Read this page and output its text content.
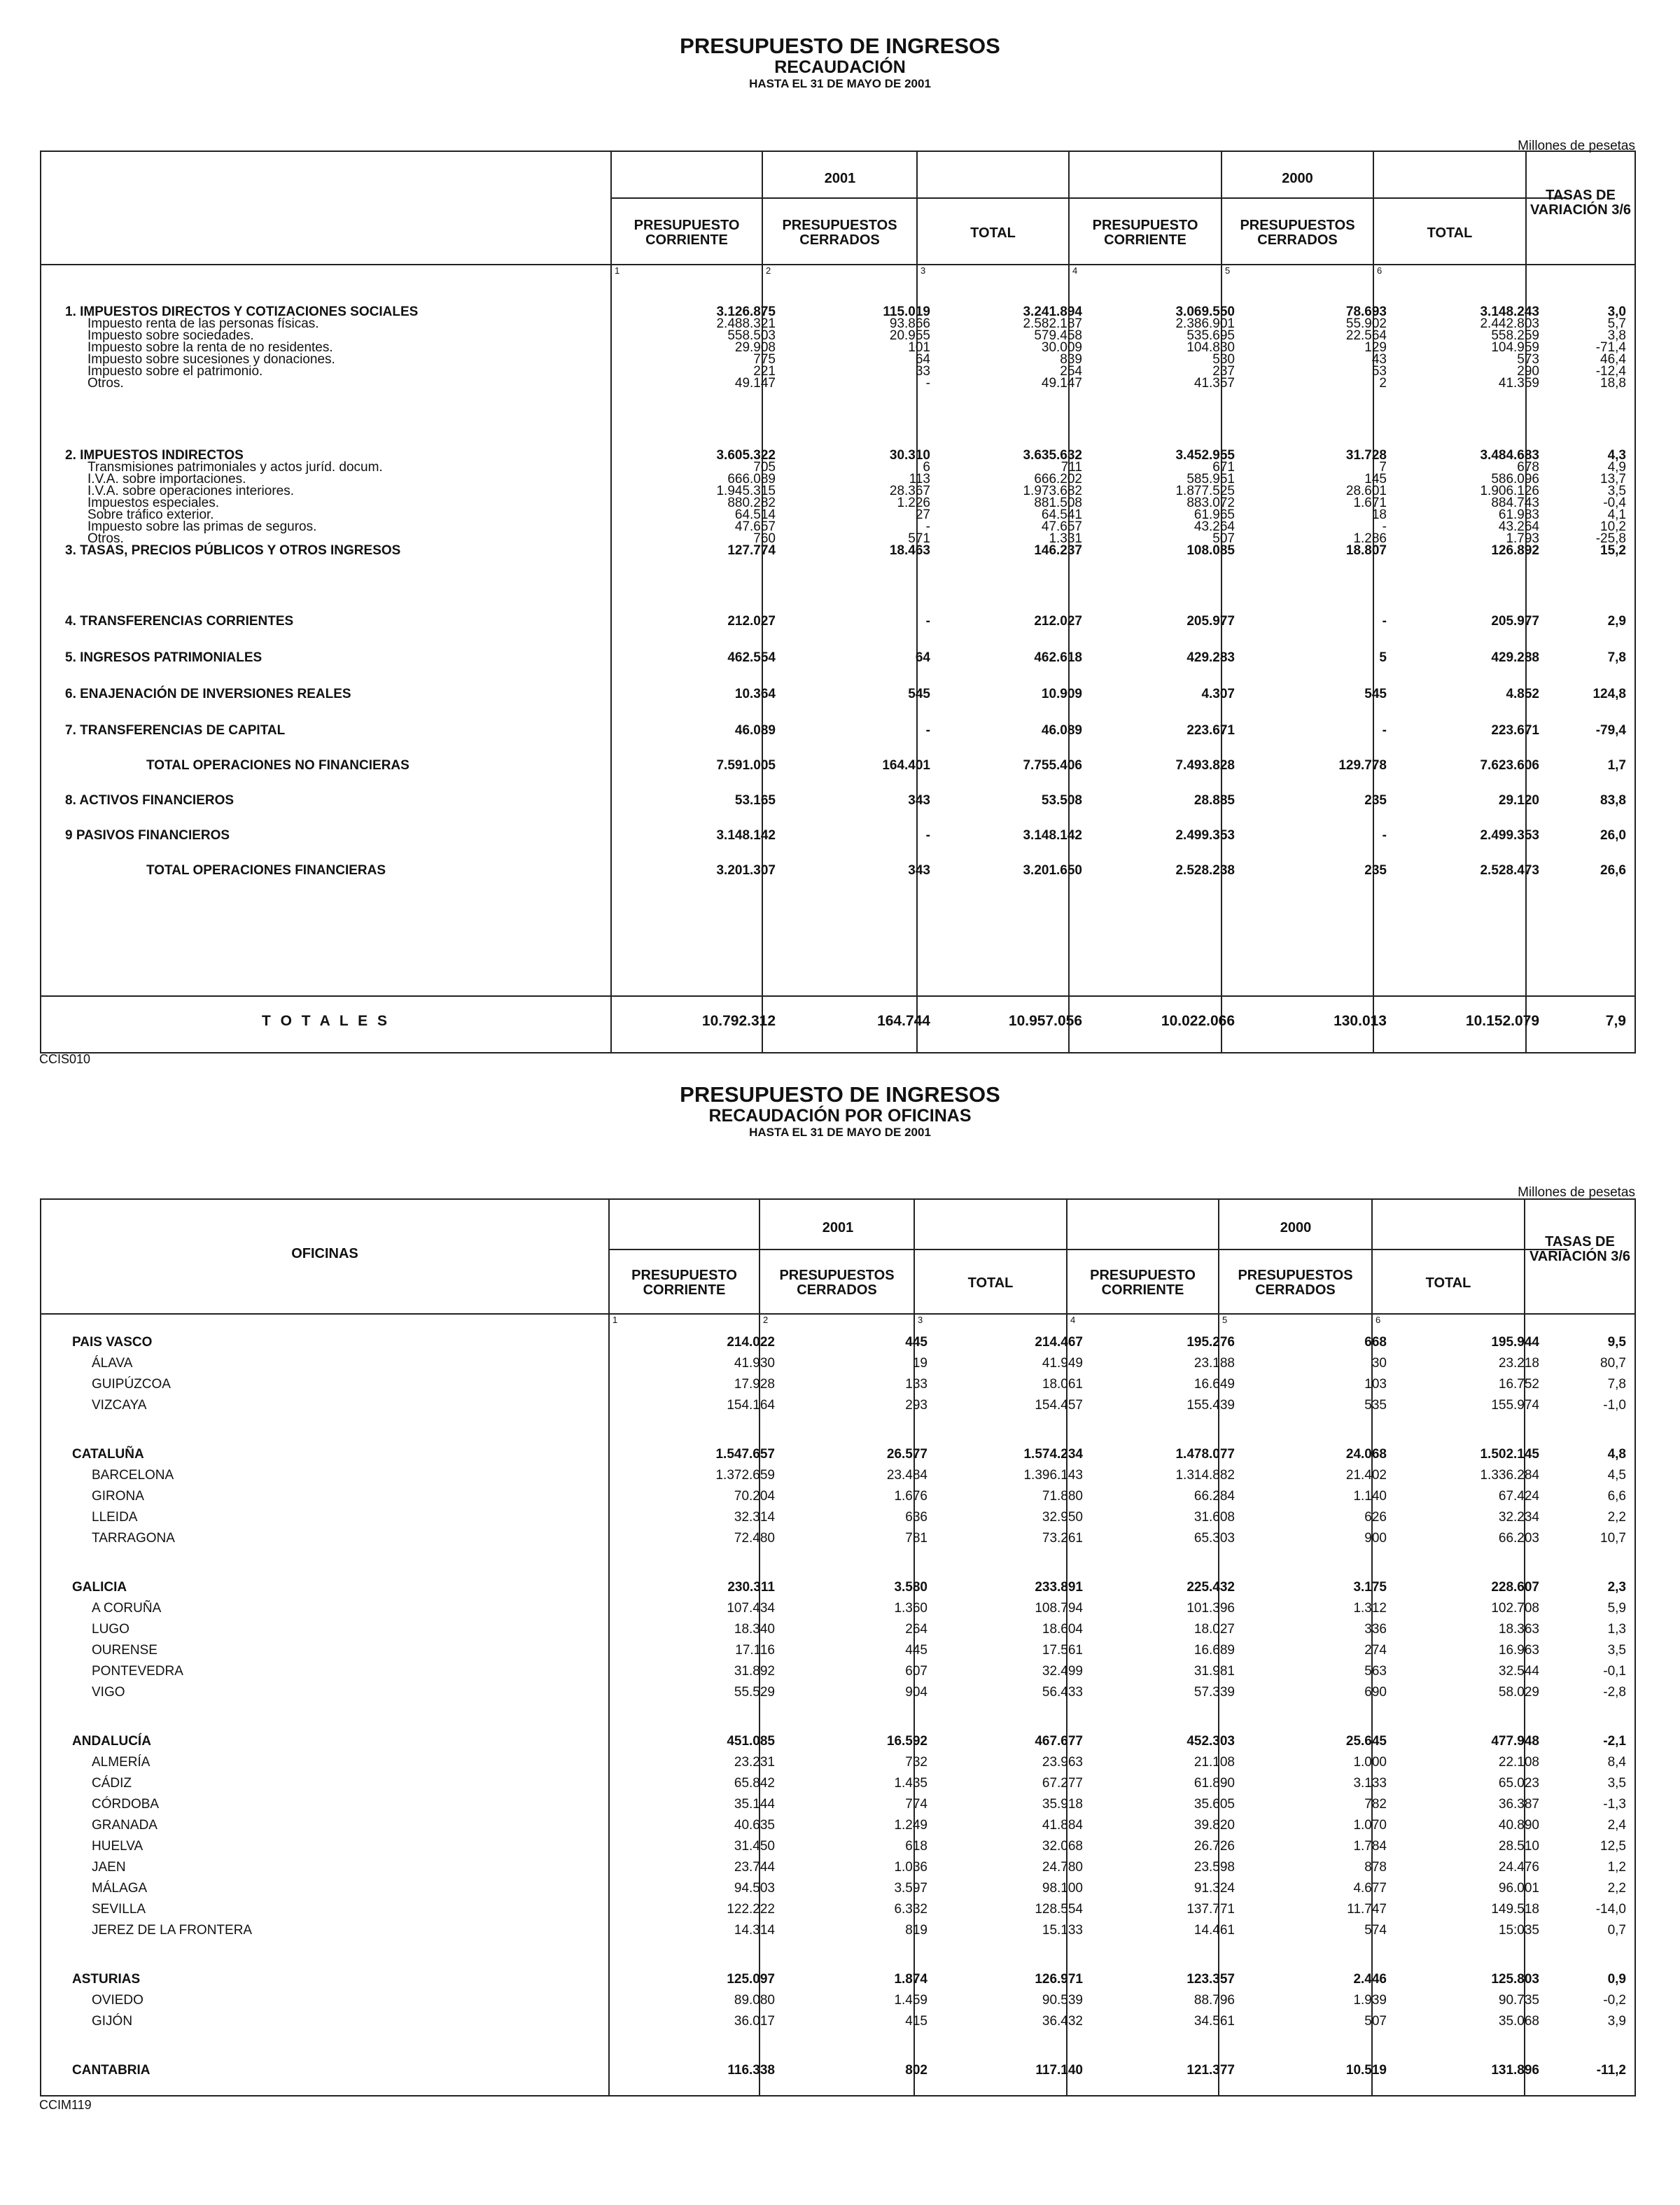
PRESUPUESTO DE INGRESOS
RECAUDACIÓN
HASTA EL 31 DE MAYO DE 2001
Millones de pesetas
2001	2000
TASAS DE VARIACIÓN 3/6
PRESUPUESTO CORRIENTE
PRESUPUESTOS CERRADOS	TOTAL	PRESUPUESTO CORRIENTE
PRESUPUESTOS CERRADOS	TOTAL
1	2	3	4	5	6
1. IMPUESTOS DIRECTOS Y COTIZACIONES SOCIALES	3.126.875	115.019	3.241.894	3.069.550	78.693	3.148.243	3,0
Impuesto renta de las personas físicas.	2.488.321	93.866	2.582.187	2.386.901	55.902	2.442.803	5,7
Impuesto sobre sociedades.	558.503	20.955	579.458	535.695	22.564	558.259	3,8
Impuesto sobre la renta de no residentes.	29.908	101	30.009	104.830	129	104.959	-71,4
Impuesto sobre sucesiones y donaciones.	775	64	839	530	43	573	46,4
Impuesto sobre el patrimonio.	221	33	254	237	53	290	-12,4
Otros.	49.147	-	49.147	41.357	2	41.359	18,8
2. IMPUESTOS INDIRECTOS	3.605.322	30.310	3.635.632	3.452.955	31.728	3.484.683	4,3
Transmisiones patrimoniales y actos juríd. docum.	705	6	711	671	7	678	4,9
I.V.A. sobre importaciones.	666.089	113	666.202	585.951	145	586.096	13,7
I.V.A. sobre operaciones interiores.	1.945.315	28.367	1.973.682	1.877.525	28.601	1.906.126	3,5
Impuestos especiales.	880.282	1.226	881.508	883.072	1.671	884.743	-0,4
Sobre tráfico exterior.	64.514	27	64.541	61.965	18	61.983	4,1
Impuesto sobre las primas de seguros.	47.657	-	47.657	43.264	-	43.264	10,2
Otros.	760	571	1.331	507	1.286	1.793	-25,8
3. TASAS, PRECIOS PÚBLICOS Y OTROS INGRESOS	127.774	18.463	146.237	108.085	18.807	126.892	15,2
4. TRANSFERENCIAS CORRIENTES	212.027	-	212.027	205.977	-	205.977	2,9
5. INGRESOS PATRIMONIALES	462.554	64	462.618	429.283	5	429.288	7,8
6. ENAJENACIÓN DE INVERSIONES REALES	10.364	545	10.909	4.307	545	4.852	124,8
7. TRANSFERENCIAS DE CAPITAL	46.089	-	46.089	223.671	-	223.671	-79,4
TOTAL OPERACIONES NO FINANCIERAS	7.591.005	164.401	7.755.406	7.493.828	129.778	7.623.606	1,7
8. ACTIVOS FINANCIEROS	53.165	343	53.508	28.885	235	29.120	83,8
9 PASIVOS FINANCIEROS	3.148.142	-	3.148.142	2.499.353	-	2.499.353	26,0
TOTAL OPERACIONES FINANCIERAS	3.201.307	343	3.201.650	2.528.238	235	2.528.473	26,6
T O T A L E S	10.792.312	164.744	10.957.056	10.022.066	130.013	10.152.079	7,9
CCIS010
PRESUPUESTO DE INGRESOS
RECAUDACIÓN POR OFICINAS
HASTA EL 31 DE MAYO DE 2001
Millones de pesetas
OFICINAS
2001	2000
TASAS DE VARIACIÓN 3/6
PRESUPUESTO CORRIENTE
PRESUPUESTOS CERRADOS	TOTAL	PRESUPUESTO CORRIENTE
PRESUPUESTOS CERRADOS	TOTAL
1	2	3	4	5	6
PAIS VASCO	214.022	445	214.467	195.276	668	195.944	9,5
ÁLAVA	41.930	19	41.949	23.188	30	23.218	80,7
GUIPÚZCOA	17.928	133	18.061	16.649	103	16.752	7,8
VIZCAYA	154.164	293	154.457	155.439	535	155.974	-1,0
CATALUÑA	1.547.657	26.577	1.574.234	1.478.077	24.068	1.502.145	4,8
BARCELONA	1.372.659	23.484	1.396.143	1.314.882	21.402	1.336.284	4,5
GIRONA	70.204	1.676	71.880	66.284	1.140	67.424	6,6
LLEIDA	32.314	636	32.950	31.608	626	32.234	2,2
TARRAGONA	72.480	781	73.261	65.303	900	66.203	10,7
GALICIA	230.311	3.580	233.891	225.432	3.175	228.607	2,3
A CORUÑA	107.434	1.360	108.794	101.396	1.312	102.708	5,9
LUGO	18.340	264	18.604	18.027	336	18.363	1,3
OURENSE	17.116	445	17.561	16.689	274	16.963	3,5
PONTEVEDRA	31.892	607	32.499	31.981	563	32.544	-0,1
VIGO	55.529	904	56.433	57.339	690	58.029	-2,8
ANDALUCÍA	451.085	16.592	467.677	452.303	25.645	477.948	-2,1
ALMERÍA	23.231	732	23.963	21.108	1.000	22.108	8,4
CÁDIZ	65.842	1.435	67.277	61.890	3.133	65.023	3,5
CÓRDOBA	35.144	774	35.918	35.605	782	36.387	-1,3
GRANADA	40.635	1.249	41.884	39.820	1.070	40.890	2,4
HUELVA	31.450	618	32.068	26.726	1.784	28.510	12,5
JAEN	23.744	1.036	24.780	23.598	878	24.476	1,2
MÁLAGA	94.503	3.597	98.100	91.324	4.677	96.001	2,2
SEVILLA	122.222	6.332	128.554	137.771	11.747	149.518	-14,0
JEREZ DE LA FRONTERA	14.314	819	15.133	14.461	574	15:035	0,7
ASTURIAS	125.097	1.874	126.971	123.357	2.446	125.803	0,9
OVIEDO	89.080	1.459	90.539	88.796	1.939	90.735	-0,2
GIJÓN	36.017	415	36.432	34.561	507	35.068	3,9
CANTABRIA	116.338	802	117.140	121.377	10.519	131.896	-11,2
CCIM119
